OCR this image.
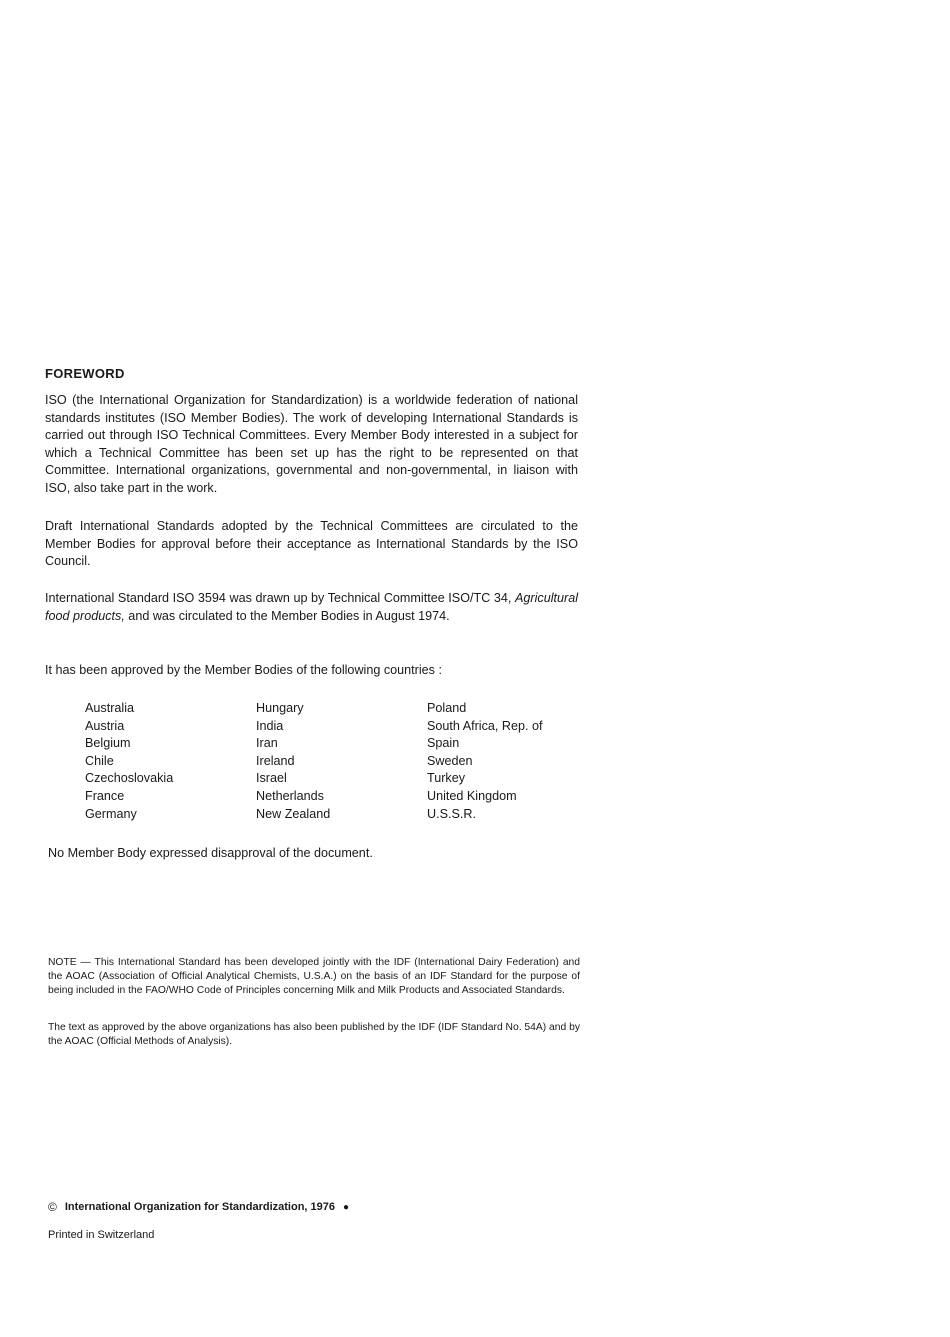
FOREWORD
ISO (the International Organization for Standardization) is a worldwide federation of national standards institutes (ISO Member Bodies). The work of developing International Standards is carried out through ISO Technical Committees. Every Member Body interested in a subject for which a Technical Committee has been set up has the right to be represented on that Committee. International organizations, governmental and non-governmental, in liaison with ISO, also take part in the work.
Draft International Standards adopted by the Technical Committees are circulated to the Member Bodies for approval before their acceptance as International Standards by the ISO Council.
International Standard ISO 3594 was drawn up by Technical Committee ISO/TC 34, Agricultural food products, and was circulated to the Member Bodies in August 1974.
It has been approved by the Member Bodies of the following countries :
Australia
Austria
Belgium
Chile
Czechoslovakia
France
Germany
Hungary
India
Iran
Ireland
Israel
Netherlands
New Zealand
Poland
South Africa, Rep. of
Spain
Sweden
Turkey
United Kingdom
U.S.S.R.
No Member Body expressed disapproval of the document.
NOTE — This International Standard has been developed jointly with the IDF (International Dairy Federation) and the AOAC (Association of Official Analytical Chemists, U.S.A.) on the basis of an IDF Standard for the purpose of being included in the FAO/WHO Code of Principles concerning Milk and Milk Products and Associated Standards.
The text as approved by the above organizations has also been published by the IDF (IDF Standard No. 54A) and by the AOAC (Official Methods of Analysis).
© International Organization for Standardization, 1976 ●
Printed in Switzerland
